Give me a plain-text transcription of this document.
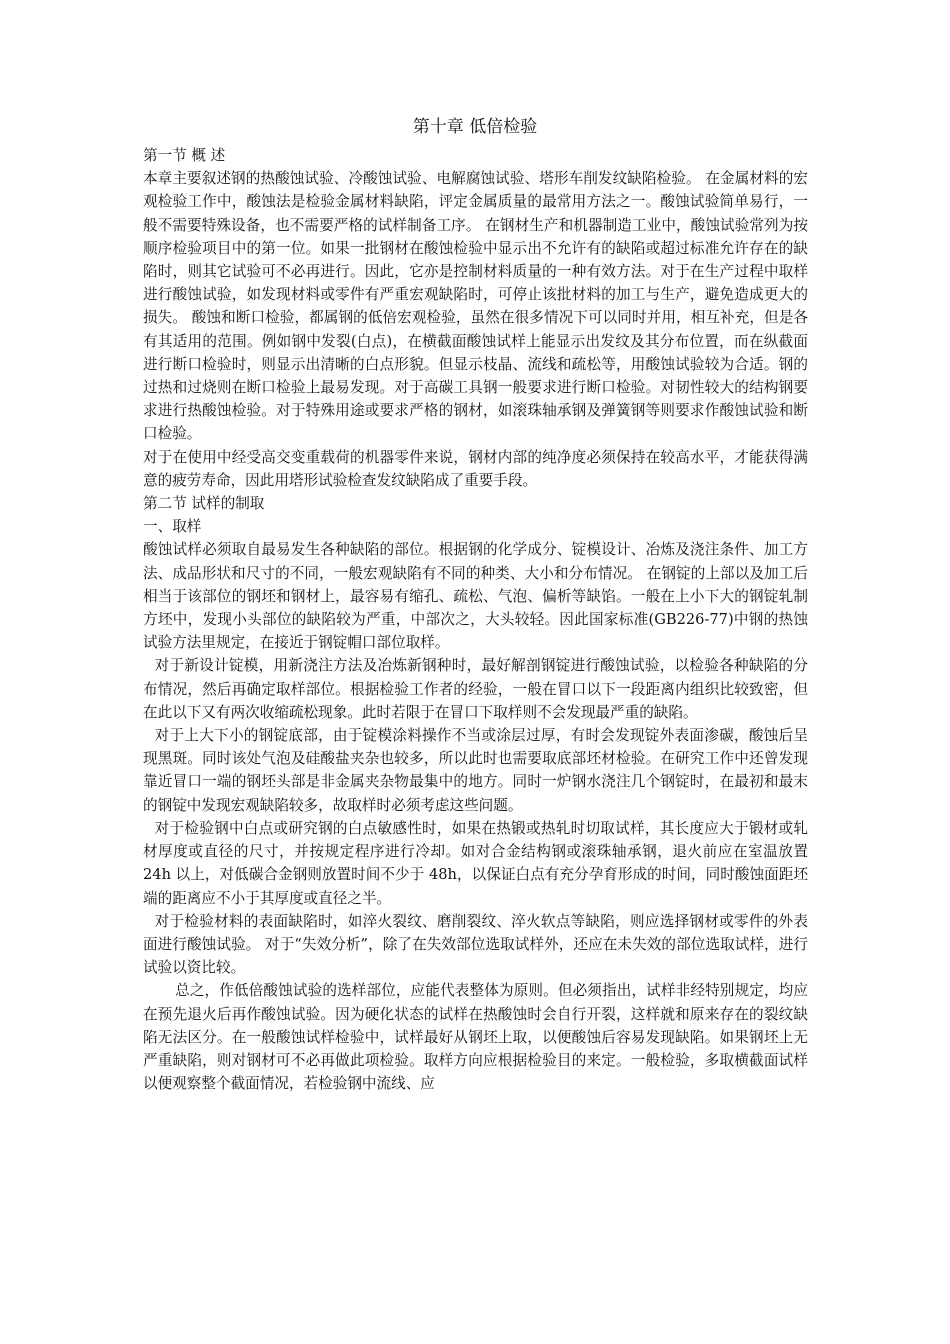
第十章 低倍检验

第一节 概 述

本章主要叙述钢的热酸蚀试验、冷酸蚀试验、电解腐蚀试验、塔形车削发纹缺陷检验。 在金属材料的宏观检验工作中，酸蚀法是检验金属材料缺陷，评定金属质量的最常用方法之一。酸蚀试验简单易行，一般不需要特殊设备，也不需要严格的试样制备工序。 在钢材生产和机器制造工业中，酸蚀试验常列为按顺序检验项目中的第一位。如果一批钢材在酸蚀检验中显示出不允许有的缺陷或超过标准允许存在的缺陷时，则其它试验可不必再进行。因此，它亦是控制材料质量的一种有效方法。对于在生产过程中取样进行酸蚀试验，如发现材料或零件有严重宏观缺陷时，可停止该批材料的加工与生产，避免造成更大的损失。 酸蚀和断口检验，都属钢的低倍宏观检验，虽然在很多情况下可以同时并用，相互补充，但是各有其适用的范围。例如钢中发裂(白点)，在横截面酸蚀试样上能显示出发纹及其分布位置，而在纵截面进行断口检验时，则显示出清晰的白点形貌。但显示枝晶、流线和疏松等，用酸蚀试验较为合适。钢的过热和过烧则在断口检验上最易发现。对于高碳工具钢一般要求进行断口检验。对韧性较大的结构钢要求进行热酸蚀检验。对于特殊用途或要求严格的钢材，如滚珠轴承钢及弹簧钢等则要求作酸蚀试验和断口检验。

对于在使用中经受高交变重载荷的机器零件来说，钢材内部的纯净度必须保持在较高水平，才能获得满意的疲劳寿命，因此用塔形试验检查发纹缺陷成了重要手段。

第二节 试样的制取

一、取样

酸蚀试样必须取自最易发生各种缺陷的部位。根据钢的化学成分、锭模设计、冶炼及浇注条件、加工方法、成品形状和尺寸的不同，一般宏观缺陷有不同的种类、大小和分布情况。 在钢锭的上部以及加工后相当于该部位的钢坯和钢材上，最容易有缩孔、疏松、气泡、偏析等缺馅。一般在上小下大的钢锭轧制方坯中，发现小头部位的缺陷较为严重，中部次之，大头较轻。因此国家标准(GB226-77)中钢的热蚀试验方法里规定，在接近于钢锭帽口部位取样。

对于新设计锭模，用新浇注方法及冶炼新钢种时，最好解剖钢锭进行酸蚀试验，以检验各种缺陷的分布情况，然后再确定取样部位。根据检验工作者的经验，一般在冒口以下一段距离内组织比较致密，但在此以下又有两次收缩疏松现象。此时若限于在冒口下取样则不会发现最严重的缺陷。

对于上大下小的钢锭底部，由于锭模涂料操作不当或涂层过厚，有时会发现锭外表面渗碳，酸蚀后呈现黑斑。同时该处气泡及硅酸盐夹杂也较多，所以此时也需要取底部坯材检验。在研究工作中还曾发现靠近冒口一端的钢坯头部是非金属夹杂物最集中的地方。同时一炉钢水浇注几个钢锭时，在最初和最末的钢锭中发现宏观缺陷较多，故取样时必须考虑这些问题。

对于检验钢中白点或研究钢的白点敏感性时，如果在热锻或热轧时切取试样，其长度应大于锻材或轧材厚度或直径的尺寸，并按规定程序进行冷却。如对合金结构钢或滚珠轴承钢，退火前应在室温放置 24h 以上，对低碳合金钢则放置时间不少于 48h，以保证白点有充分孕育形成的时间，同时酸蚀面距坯端的距离应不小于其厚度或直径之半。

对于检验材料的表面缺陷时，如淬火裂纹、磨削裂纹、淬火软点等缺陷，则应选择钢材或零件的外表面进行酸蚀试验。 对于“失效分析”，除了在失效部位选取试样外，还应在未失效的部位选取试样，进行试验以资比较。

总之，作低倍酸蚀试验的选样部位，应能代表整体为原则。但必须指出，试样非经特别规定，均应在预先退火后再作酸蚀试验。因为硬化状态的试样在热酸蚀时会自行开裂，这样就和原来存在的裂纹缺陷无法区分。在一般酸蚀试样检验中，试样最好从钢坯上取，以便酸蚀后容易发现缺陷。如果钢坯上无严重缺陷，则对钢材可不必再做此项检验。取样方向应根据检验目的来定。一般检验，多取横截面试样以便观察整个截面情况，若检验钢中流线、应
